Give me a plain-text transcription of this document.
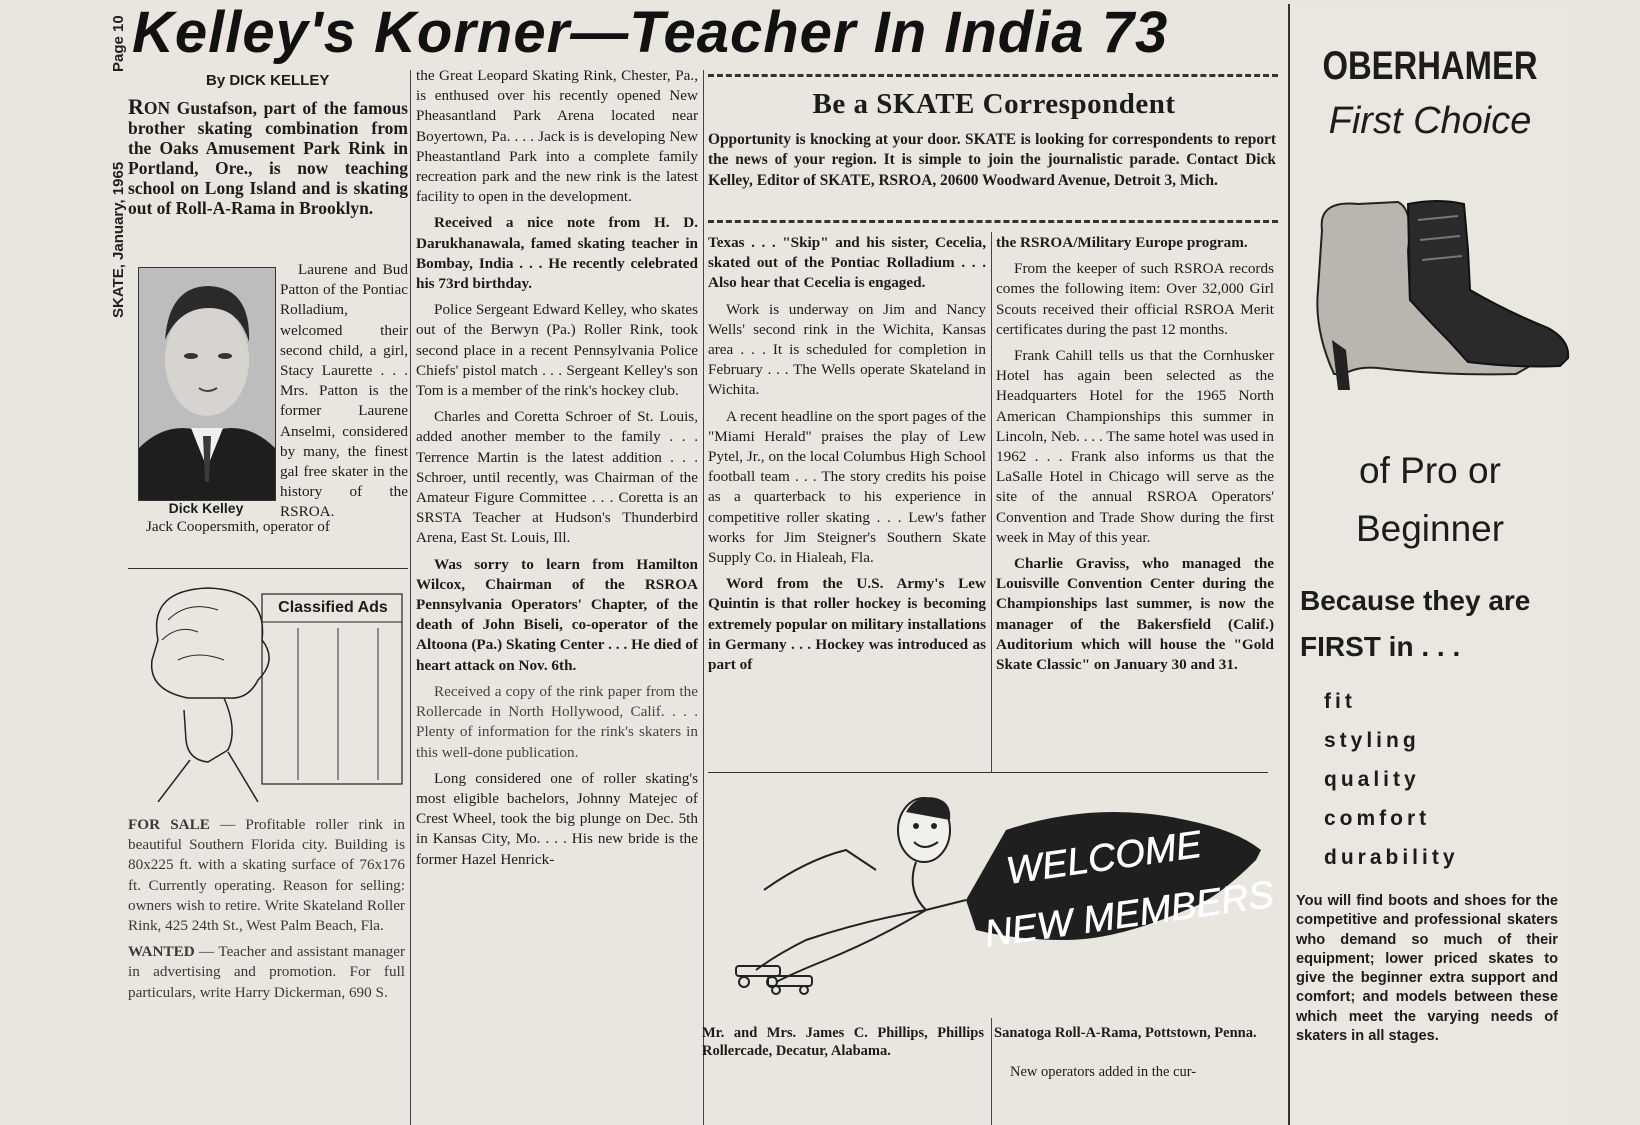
Page 10
SKATE, January, 1965
Kelley's Korner—Teacher In India 73
By DICK KELLEY
RON Gustafson, part of the famous brother skating combination from the Oaks Amusement Park Rink in Portland, Ore., is now teaching school on Long Island and is skating out of Roll-A-Rama in Brooklyn.
Dick Kelley

Laurene and Bud Patton of the Pontiac Rolladium, welcomed their second child, a girl, Stacy Laurette . . . Mrs. Patton is the former Laurene Anselmi, considered by many, the finest gal free skater in the history of the RSROA.

Classified Ads

Jack Coopersmith, operator of

FOR SALE — Profitable roller rink in beautiful Southern Florida city. Building is 80x225 ft. with a skating surface of 76x176 ft. Currently operating. Reason for selling: owners wish to retire. Write Skateland Roller Rink, 425 24th St., West Palm Beach, Fla.

WANTED — Teacher and assistant manager in advertising and promotion. For full particulars, write Harry Dickerman, 690 S.

the Great Leopard Skating Rink, Chester, Pa., is enthused over his recently opened New Pheasantland Park Arena located near Boyertown, Pa. . . . Jack is is developing New Pheastantland Park into a complete family recreation park and the new rink is the latest facility to open in the development.

Received a nice note from H. D. Darukhanawala, famed skating teacher in Bombay, India . . . He recently celebrated his 73rd birthday.

Police Sergeant Edward Kelley, who skates out of the Berwyn (Pa.) Roller Rink, took second place in a recent Pennsylvania Police Chiefs' pistol match . . . Sergeant Kelley's son Tom is a member of the rink's hockey club.

Charles and Coretta Schroer of St. Louis, added another member to the family . . . Terrence Martin is the latest addition . . . Schroer, until recently, was Chairman of the Amateur Figure Committee . . . Coretta is an SRSTA Teacher at Hudson's Thunderbird Arena, East St. Louis, Ill.

Was sorry to learn from Hamilton Wilcox, Chairman of the RSROA Pennsylvania Operators' Chapter, of the death of John Biseli, co-operator of the Altoona (Pa.) Skating Center . . . He died of heart attack on Nov. 6th.

Received a copy of the rink paper from the Rollercade in North Hollywood, Calif. . . . Plenty of information for the rink's skaters in this well-done publication.

Long considered one of roller skating's most eligible bachelors, Johnny Matejec of Crest Wheel, took the big plunge on Dec. 5th in Kansas City, Mo. . . . His new bride is the former Hazel Henrick-

Be a SKATE Correspondent
Opportunity is knocking at your door. SKATE is looking for correspondents to report the news of your region. It is simple to join the journalistic parade. Contact Dick Kelley, Editor of SKATE, RSROA, 20600 Woodward Avenue, Detroit 3, Mich.

Texas . . . "Skip" and his sister, Cecelia, skated out of the Pontiac Rolladium . . . Also hear that Cecelia is engaged.

Work is underway on Jim and Nancy Wells' second rink in the Wichita, Kansas area . . . It is scheduled for completion in February . . . The Wells operate Skateland in Wichita.

A recent headline on the sport pages of the "Miami Herald" praises the play of Lew Pytel, Jr., on the local Columbus High School football team . . . The story credits his poise as a quarterback to his experience in competitive roller skating . . . Lew's father works for Jim Steigner's Southern Skate Supply Co. in Hialeah, Fla.

Word from the U.S. Army's Lew Quintin is that roller hockey is becoming extremely popular on military installations in Germany . . . Hockey was introduced as part of

the RSROA/Military Europe program.

From the keeper of such RSROA records comes the following item: Over 32,000 Girl Scouts received their official RSROA Merit certificates during the past 12 months.

Frank Cahill tells us that the Cornhusker Hotel has again been selected as the Headquarters Hotel for the 1965 North American Championships this summer in Lincoln, Neb. . . . The same hotel was used in 1962 . . . Frank also informs us that the LaSalle Hotel in Chicago will serve as the site of the annual RSROA Operators' Convention and Trade Show during the first week in May of this year.

Charlie Graviss, who managed the Louisville Convention Center during the Championships last summer, is now the manager of the Bakersfield (Calif.) Auditorium which will house the "Gold Skate Classic" on January 30 and 31.

WELCOME
NEW MEMBERS
Mr. and Mrs. James C. Phillips, Phillips Rollercade, Decatur, Alabama.
Sanatoga Roll-A-Rama, Pottstown, Penna.
New operators added in the cur-
OBERHAMER
First Choice
of Pro or
Beginner
Because they are
FIRST in . . .
fit
styling
quality
comfort
durability
You will find boots and shoes for the competitive and professional skaters who demand so much of their equipment; lower priced skates to give the beginner extra support and comfort; and models between these which meet the varying needs of skaters in all stages.
